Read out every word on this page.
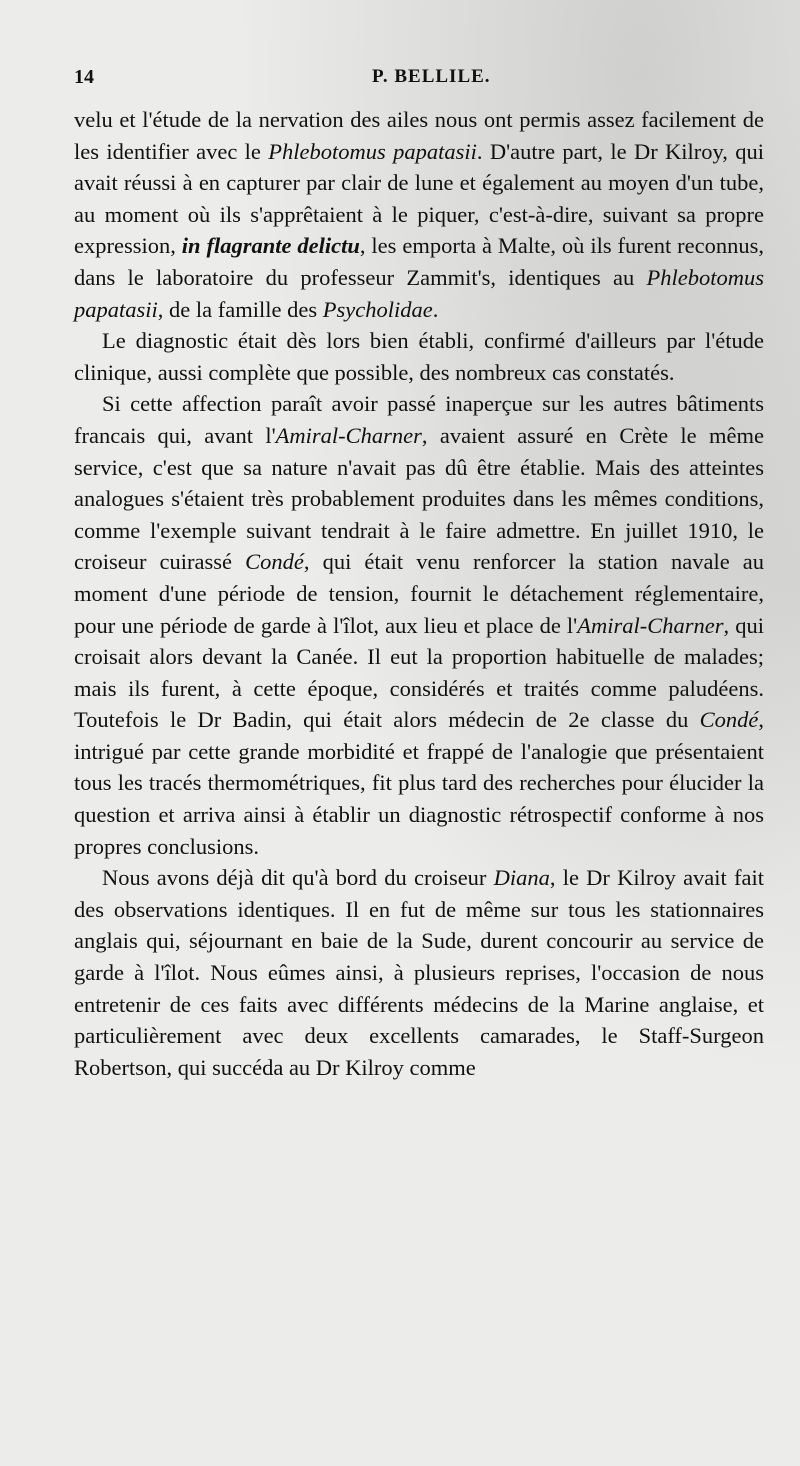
14	P. BELLILE.

velu et l'étude de la nervation des ailes nous ont permis assez facilement de les identifier avec le Phlebotomus papatasii. D'autre part, le Dr Kilroy, qui avait réussi à en capturer par clair de lune et également au moyen d'un tube, au moment où ils s'apprêtaient à le piquer, c'est-à-dire, suivant sa propre expression, in flagrante delictu, les emporta à Malte, où ils furent reconnus, dans le laboratoire du professeur Zammit's, identiques au Phlebotomus papatasii, de la famille des Psycholidae.

Le diagnostic était dès lors bien établi, confirmé d'ailleurs par l'étude clinique, aussi complète que possible, des nombreux cas constatés.

Si cette affection paraît avoir passé inaperçue sur les autres bâtiments francais qui, avant l'Amiral-Charner, avaient assuré en Crète le même service, c'est que sa nature n'avait pas dû être établie. Mais des atteintes analogues s'étaient très probablement produites dans les mêmes conditions, comme l'exemple suivant tendrait à le faire admettre. En juillet 1910, le croiseur cuirassé Condé, qui était venu renforcer la station navale au moment d'une période de tension, fournit le détachement réglementaire, pour une période de garde à l'îlot, aux lieu et place de l'Amiral-Charner, qui croisait alors devant la Canée. Il eut la proportion habituelle de malades; mais ils furent, à cette époque, considérés et traités comme paludéens. Toutefois le Dr Badin, qui était alors médecin de 2e classe du Condé, intrigué par cette grande morbidité et frappé de l'analogie que présentaient tous les tracés thermométriques, fit plus tard des recherches pour élucider la question et arriva ainsi à établir un diagnostic rétrospectif conforme à nos propres conclusions.

Nous avons déjà dit qu'à bord du croiseur Diana, le Dr Kilroy avait fait des observations identiques. Il en fut de même sur tous les stationnaires anglais qui, séjournant en baie de la Sude, durent concourir au service de garde à l'îlot. Nous eûmes ainsi, à plusieurs reprises, l'occasion de nous entretenir de ces faits avec différents médecins de la Marine anglaise, et particulièrement avec deux excellents camarades, le Staff-Surgeon Robertson, qui succéda au Dr Kilroy comme
